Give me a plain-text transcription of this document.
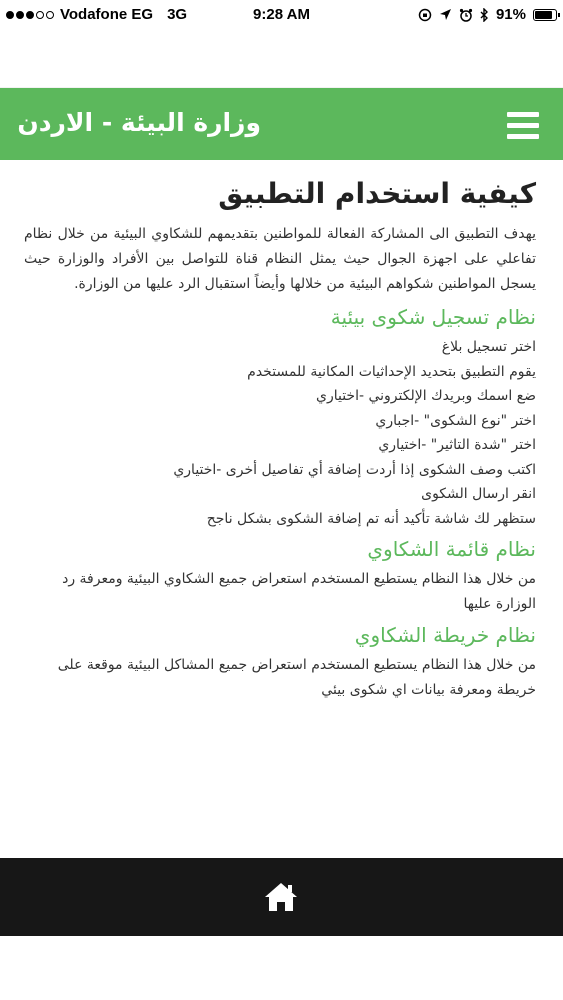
Vodafone EG 3G	9:28 AM	91%
وزارة البيئة - الاردن
كيفية استخدام التطبيق

يهدف التطبيق الى المشاركة الفعالة للمواطنين بتقديمهم للشكاوي البيئية من خلال نظام تفاعلي على اجهزة الجوال حيث يمثل النظام قناة للتواصل بين الأفراد والوزارة حيث يسجل المواطنين شكواهم البيئية من خلالها وأيضاً استقبال الرد عليها من الوزارة.

نظام تسجيل شكوى بيئية
اختر تسجيل بلاغ
يقوم التطبيق بتحديد الإحداثيات المكانية للمستخدم
ضع اسمك وبريدك الإلكتروني -اختياري
اختر "نوع الشكوى" -اجباري
اختر "شدة التاثير" -اختياري
اكتب وصف الشكوى إذا أردت إضافة أي تفاصيل أخرى -اختياري
انقر ارسال الشكوى
ستظهر لك شاشة تأكيد أنه تم إضافة الشكوى بشكل ناجح
نظام قائمة الشكاوي

من خلال هذا النظام يستطيع المستخدم استعراض جميع الشكاوي البيئية ومعرفة رد الوزارة عليها

نظام خريطة الشكاوي

من خلال هذا النظام يستطيع المستخدم استعراض جميع المشاكل البيئية موقعة على خريطة ومعرفة بيانات اي شكوى بيئي
